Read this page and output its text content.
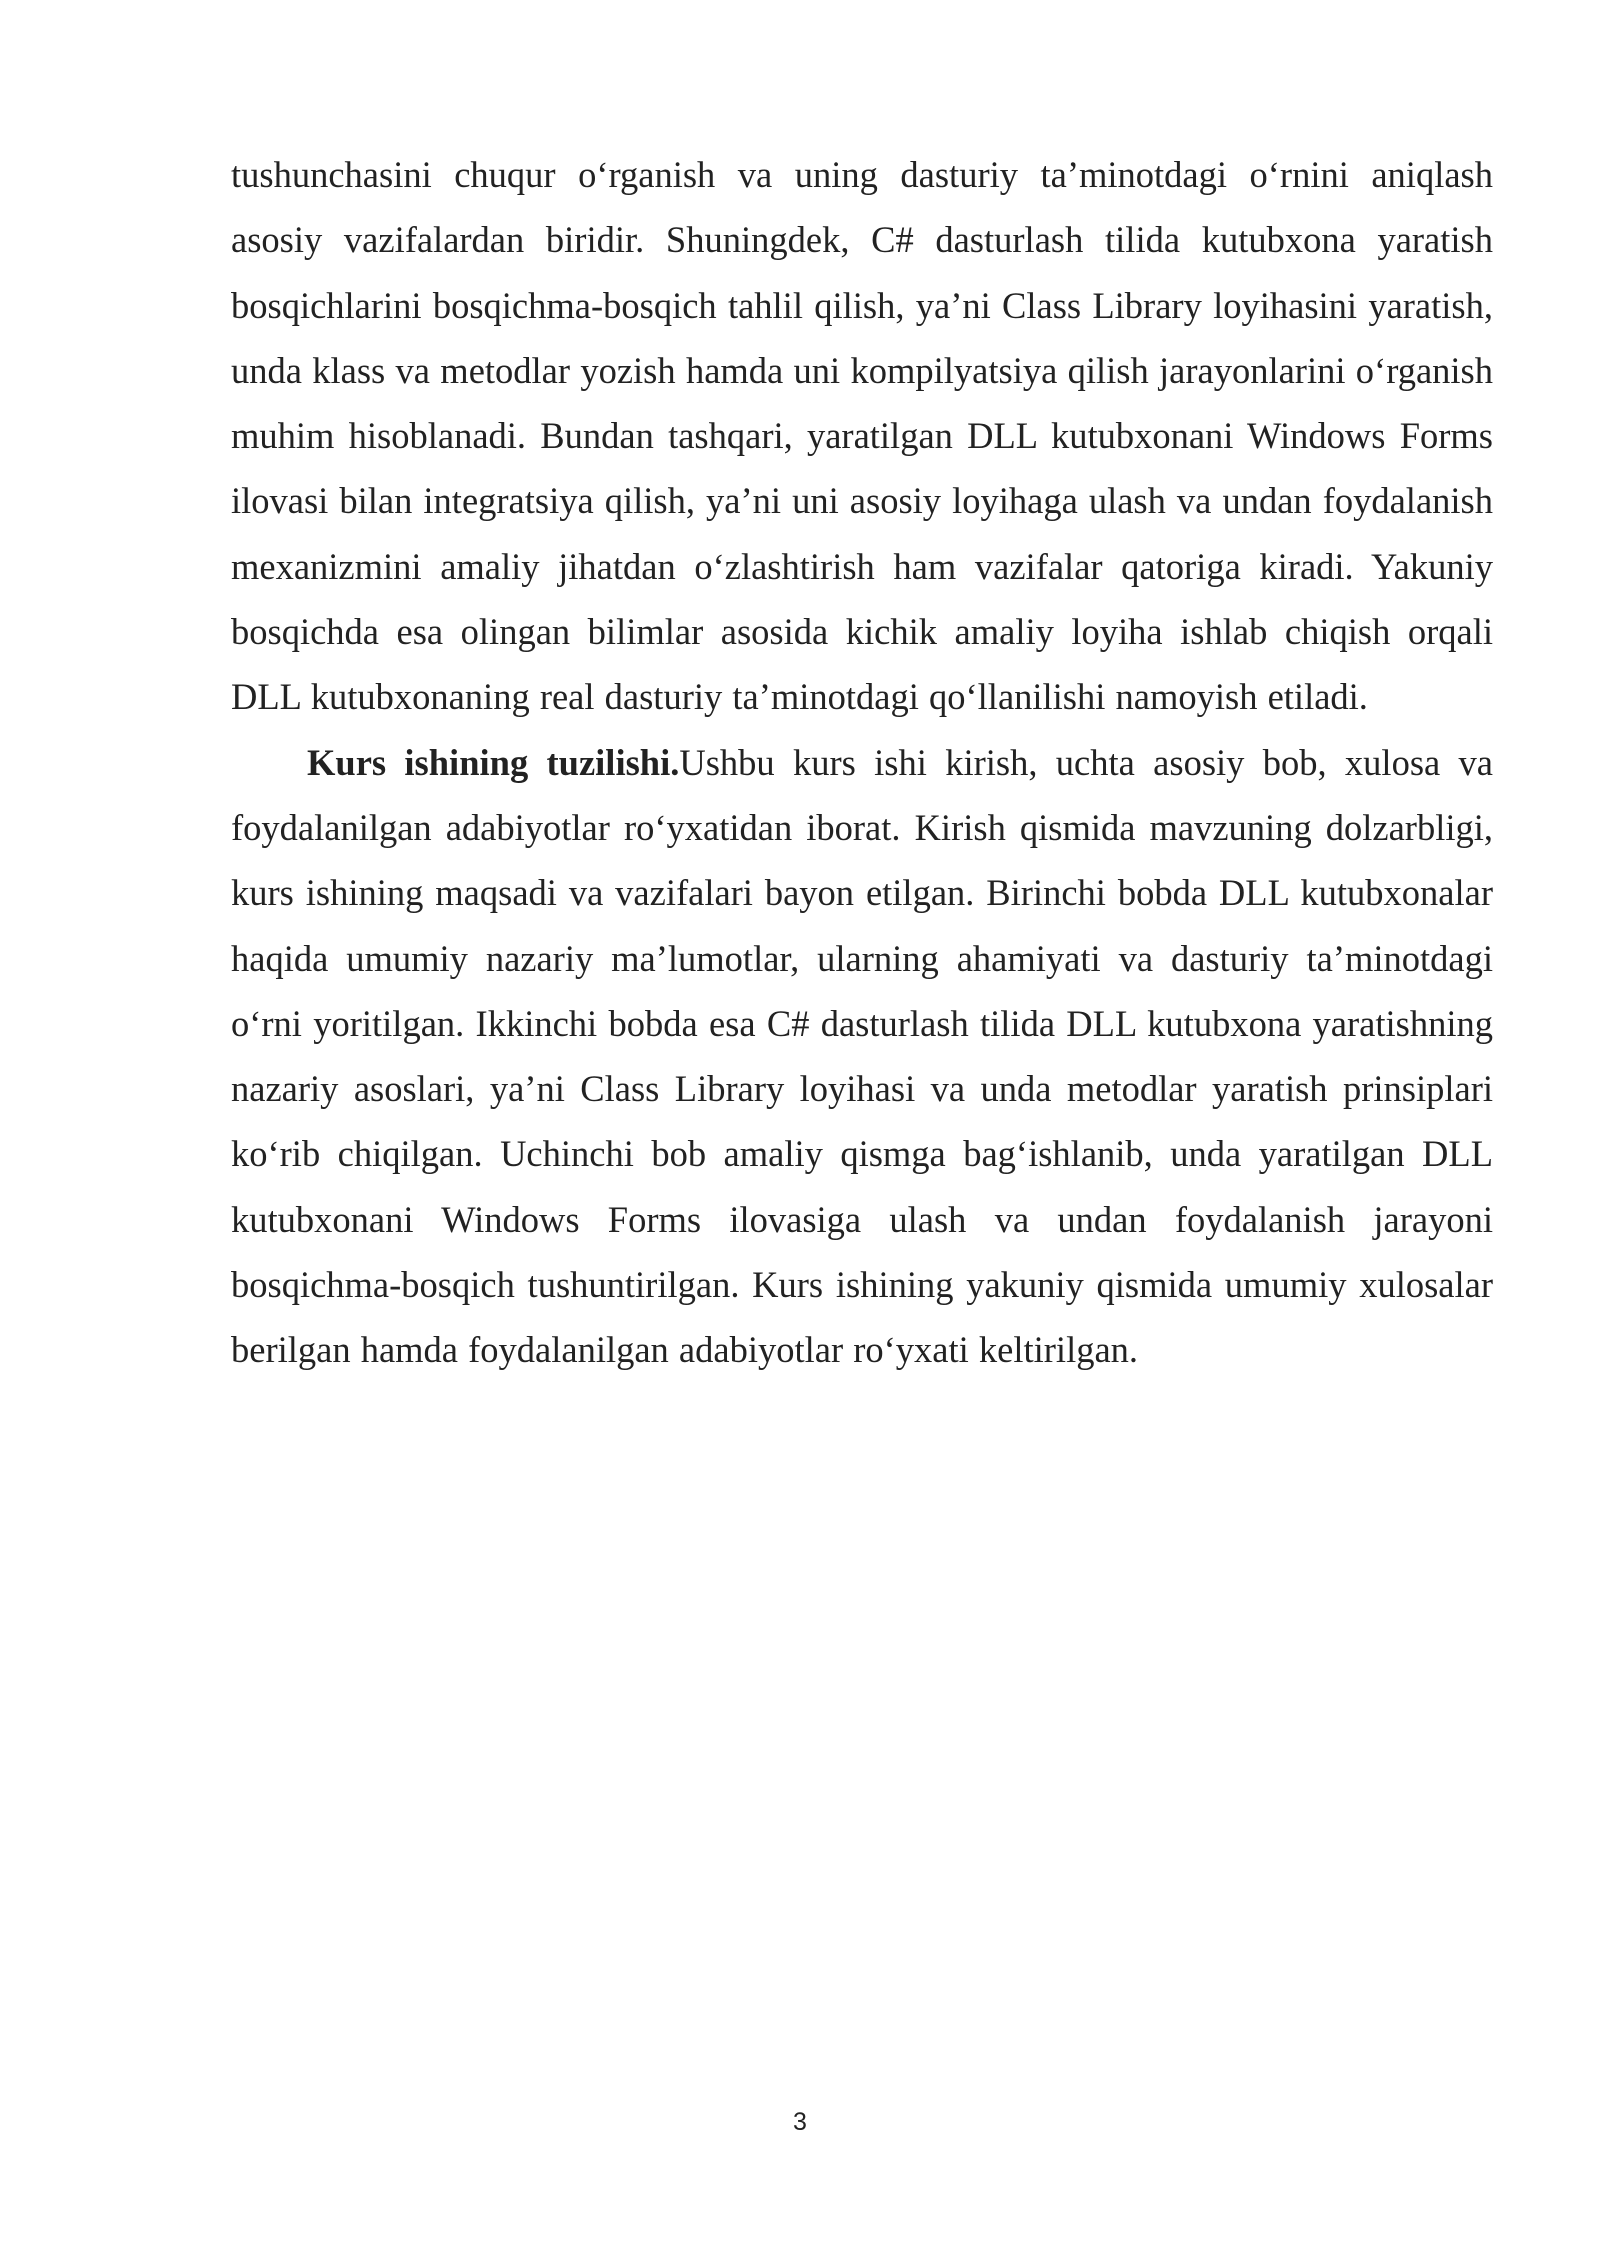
tushunchasini chuqur o‘rganish va uning dasturiy ta’minotdagi o‘rnini aniqlash asosiy vazifalardan biridir. Shuningdek, C# dasturlash tilida kutubxona yaratish bosqichlarini bosqichma-bosqich tahlil qilish, ya’ni Class Library loyihasini yaratish, unda klass va metodlar yozish hamda uni kompilyatsiya qilish jarayonlarini o‘rganish muhim hisoblanadi. Bundan tashqari, yaratilgan DLL kutubxonani Windows Forms ilovasi bilan integratsiya qilish, ya’ni uni asosiy loyihaga ulash va undan foydalanish mexanizmini amaliy jihatdan o‘zlashtirish ham vazifalar qatoriga kiradi. Yakuniy bosqichda esa olingan bilimlar asosida kichik amaliy loyiha ishlab chiqish orqali DLL kutubxonaning real dasturiy ta’minotdagi qo‘llanilishi namoyish etiladi.

Kurs ishining tuzilishi.Ushbu kurs ishi kirish, uchta asosiy bob, xulosa va foydalanilgan adabiyotlar ro‘yxatidan iborat. Kirish qismida mavzuning dolzarbligi, kurs ishining maqsadi va vazifalari bayon etilgan. Birinchi bobda DLL kutubxonalar haqida umumiy nazariy ma’lumotlar, ularning ahamiyati va dasturiy ta’minotdagi o‘rni yoritilgan. Ikkinchi bobda esa C# dasturlash tilida DLL kutubxona yaratishning nazariy asoslari, ya’ni Class Library loyihasi va unda metodlar yaratish prinsiplari ko‘rib chiqilgan. Uchinchi bob amaliy qismga bag‘ishlanib, unda yaratilgan DLL kutubxonani Windows Forms ilovasiga ulash va undan foydalanish jarayoni bosqichma-bosqich tushuntirilgan. Kurs ishining yakuniy qismida umumiy xulosalar berilgan hamda foydalanilgan adabiyotlar ro‘yxati keltirilgan.

3
